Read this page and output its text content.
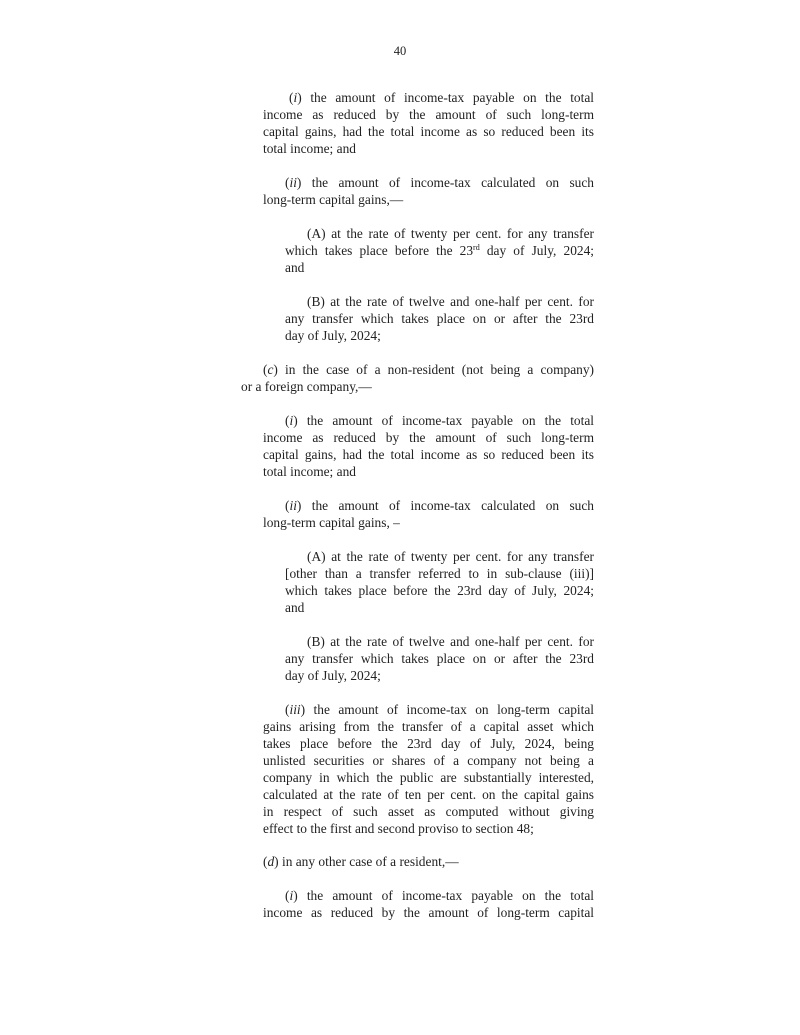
40
(i) the amount of income-tax payable on the total
income as reduced by the amount of such long-term
capital gains, had the total income as so reduced been its
total income; and
(ii) the amount of income-tax calculated on such
long-term capital gains,—
(A) at the rate of twenty per cent. for any transfer
which takes place before the 23rd day of July, 2024;
and
(B) at the rate of twelve and one-half per cent. for
any transfer which takes place on or after the 23rd
day of July, 2024;
(c) in the case of a non-resident (not being a company)
or a foreign company,—
(i) the amount of income-tax payable on the total
income as reduced by the amount of such long-term
capital gains, had the total income as so reduced been its
total income; and
(ii) the amount of income-tax calculated on such
long-term capital gains, –
(A) at the rate of twenty per cent. for any transfer
[other than a transfer referred to in sub-clause (iii)]
which takes place before the 23rd day of July, 2024;
and
(B) at the rate of twelve and one-half per cent. for
any transfer which takes place on or after the 23rd
day of July, 2024;
(iii) the amount of income-tax on long-term capital
gains arising from the transfer of a capital asset which
takes place before the 23rd day of July, 2024, being
unlisted securities or shares of a company not being a
company in which the public are substantially interested,
calculated at the rate of ten per cent. on the capital gains
in respect of such asset as computed without giving
effect to the first and second proviso to section 48;
(d) in any other case of a resident,—
(i) the amount of income-tax payable on the total
income as reduced by the amount of long-term capital
